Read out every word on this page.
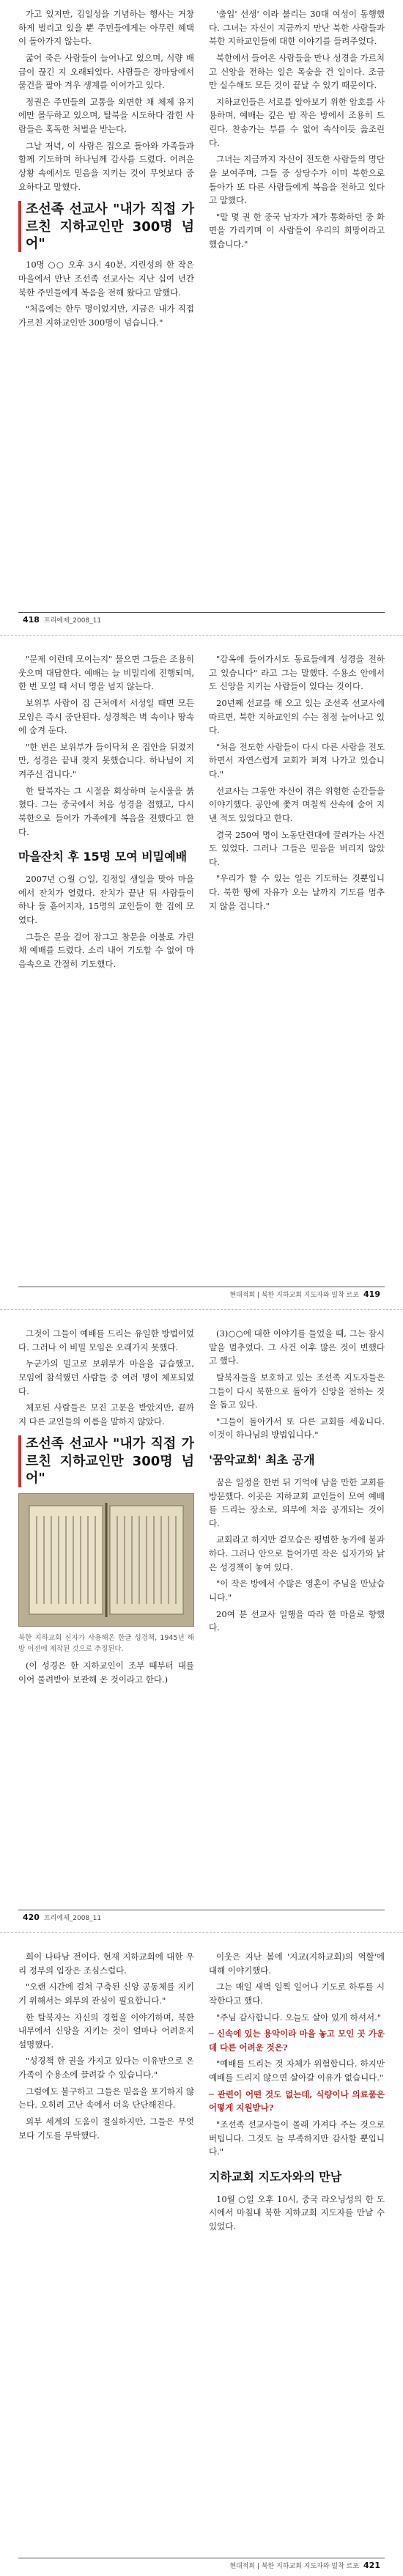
가고 있지만, 김일성을 기념하는 행사는 거창하게 벌리고 있을 뿐 주민들에게는 아무런 혜택이 돌아가지 않는다.

굶어 죽은 사람들이 늘어나고 있으며, 식량 배급이 끊긴 지 오래되었다. 사람들은 장마당에서 물건을 팔아 겨우 생계를 이어가고 있다.

정권은 주민들의 고통을 외면한 채 체제 유지에만 몰두하고 있으며, 탈북을 시도하다 잡힌 사람들은 혹독한 처벌을 받는다.

그날 저녁, 이 사람은 집으로 돌아와 가족들과 함께 기도하며 하나님께 감사를 드렸다. 어려운 상황 속에서도 믿음을 지키는 것이 무엇보다 중요하다고 말했다.

조선족 선교사 "내가 직접 가르친 지하교인만 300명 넘어"

10명 ○○ 오후 3시 40분, 지린성의 한 작은 마을에서 만난 조선족 선교사는 지난 십여 년간 북한 주민들에게 복음을 전해 왔다고 말했다.

"처음에는 한두 명이었지만, 지금은 내가 직접 가르친 지하교인만 300명이 넘습니다."

'출입' 선생' 이라 불리는 30대 여성이 동행했다. 그녀는 자신이 지금까지 만난 북한 사람들과 북한 지하교인들에 대한 이야기를 들려주었다.

북한에서 들어온 사람들을 만나 성경을 가르치고 신앙을 전하는 일은 목숨을 건 일이다. 조금만 실수해도 모든 것이 끝날 수 있기 때문이다.

지하교인들은 서로를 알아보기 위한 암호를 사용하며, 예배는 깊은 밤 작은 방에서 조용히 드린다. 찬송가는 부를 수 없어 속삭이듯 읊조린다.

그녀는 지금까지 자신이 전도한 사람들의 명단을 보여주며, 그들 중 상당수가 이미 북한으로 돌아가 또 다른 사람들에게 복음을 전하고 있다고 말했다.

"말 몇 권 한 중국 남자가 제가 통화하던 중 화면을 가리키며 이 사람들이 우리의 희망이라고 했습니다."

418 프리에제_2008_11

"문제 이런데 모이는지" 물으면 그들은 조용히 웃으며 대답한다. 예배는 늘 비밀리에 진행되며, 한 번 모일 때 서너 명을 넘지 않는다.

보위부 사람이 집 근처에서 서성일 때면 모든 모임은 즉시 중단된다. 성경책은 벽 속이나 땅속에 숨겨 둔다.

"한 번은 보위부가 들이닥쳐 온 집안을 뒤졌지만, 성경은 끝내 찾지 못했습니다. 하나님이 지켜주신 겁니다."

한 탈북자는 그 시절을 회상하며 눈시울을 붉혔다. 그는 중국에서 처음 성경을 접했고, 다시 북한으로 들어가 가족에게 복음을 전했다고 한다.

마을잔치 후 15명 모여 비밀예배

2007년 ○월 ○일, 김정일 생일을 맞아 마을에서 잔치가 열렸다. 잔치가 끝난 뒤 사람들이 하나 둘 흩어지자, 15명의 교인들이 한 집에 모였다.

그들은 문을 걸어 잠그고 창문을 이불로 가린 채 예배를 드렸다. 소리 내어 기도할 수 없어 마음속으로 간절히 기도했다.

"감옥에 들어가서도 동료들에게 성경을 전하고 있습니다" 라고 그는 말했다. 수용소 안에서도 신앙을 지키는 사람들이 있다는 것이다.

20년째 선교를 해 오고 있는 조선족 선교사에 따르면, 북한 지하교인의 수는 점점 늘어나고 있다.

"처음 전도한 사람들이 다시 다른 사람을 전도하면서 자연스럽게 교회가 퍼져 나가고 있습니다."

선교사는 그동안 자신이 겪은 위험한 순간들을 이야기했다. 공안에 쫓겨 며칠씩 산속에 숨어 지낸 적도 있었다고 한다.

결국 250여 명이 노동단련대에 끌려가는 사건도 있었다. 그러나 그들은 믿음을 버리지 않았다.

"우리가 할 수 있는 일은 기도하는 것뿐입니다. 북한 땅에 자유가 오는 날까지 기도를 멈추지 않을 겁니다."

현대적회 | 북한 지하교회 지도자와 밀착 르포 419

그것이 그들이 예배를 드리는 유일한 방법이었다. 그러나 이 비밀 모임은 오래가지 못했다.

누군가의 밀고로 보위부가 마을을 급습했고, 모임에 참석했던 사람들 중 여러 명이 체포되었다.

체포된 사람들은 모진 고문을 받았지만, 끝까지 다른 교인들의 이름을 말하지 않았다.

조선족 선교사 "내가 직접 가르친 지하교인만 300명 넘어"
북한 지하교회 신자가 사용해온 한글 성경책, 1945년 해방 이전에 제작된 것으로 추정된다.

(이 성경은 한 지하교인이 조부 때부터 대를 이어 물려받아 보관해 온 것이라고 한다.)

(3)○○에 대한 이야기를 들었을 때, 그는 잠시 말을 멈추었다. 그 사건 이후 많은 것이 변했다고 했다.

탈북자들을 보호하고 있는 조선족 지도자들은 그들이 다시 북한으로 돌아가 신앙을 전하는 것을 돕고 있다.

"그들이 돌아가서 또 다른 교회를 세웁니다. 이것이 하나님의 방법입니다."

'꿈악교회' 최초 공개

꿈은 일정을 한번 뒤 기억에 남을 만한 교회를 방문했다. 이곳은 지하교회 교인들이 모여 예배를 드리는 장소로, 외부에 처음 공개되는 것이다.

교회라고 하지만 겉모습은 평범한 농가에 불과하다. 그러나 안으로 들어가면 작은 십자가와 낡은 성경책이 놓여 있다.

"이 작은 방에서 수많은 영혼이 주님을 만났습니다."

20여 분 선교사 일행을 따라 한 마을로 향했다.

420 프리에제_2008_11

회이 나타남 전이다. 현재 지하교회에 대한 우리 정부의 입장은 조심스럽다.

"오랜 시간에 걸쳐 구축된 신앙 공동체를 지키기 위해서는 외부의 관심이 필요합니다."

한 탈북자는 자신의 경험을 이야기하며, 북한 내부에서 신앙을 지키는 것이 얼마나 어려운지 설명했다.

"성경책 한 권을 가지고 있다는 이유만으로 온 가족이 수용소에 끌려갈 수 있습니다."

그럼에도 불구하고 그들은 믿음을 포기하지 않는다. 오히려 고난 속에서 더욱 단단해진다.

외부 세계의 도움이 절실하지만, 그들은 무엇보다 기도를 부탁했다.

이웃은 지난 봄에 '지교(지하교회)의 역할'에 대해 이야기했다.

그는 매일 새벽 일찍 일어나 기도로 하루를 시작한다고 했다.

"주님 감사합니다. 오늘도 살아 있게 하셔서."

─ 신속에 있는 용악이라 마을 놓고 모인 곳 가운데 다른 어려운 것은?

"예배를 드리는 것 자체가 위험합니다. 하지만 예배를 드리지 않으면 살아갈 이유가 없습니다."

─ 관련이 어떤 것도 없는데, 식량이나 의료품은 어떻게 지원받나?

"조선족 선교사들이 몰래 가져다 주는 것으로 버팁니다. 그것도 늘 부족하지만 감사할 뿐입니다."

지하교회 지도자와의 만남

10월 ○일 오후 10시, 중국 라오닝성의 한 도시에서 마침내 북한 지하교회 지도자를 만날 수 있었다.

현대적회 | 북한 지하교회 지도자와 밀착 르포 421
